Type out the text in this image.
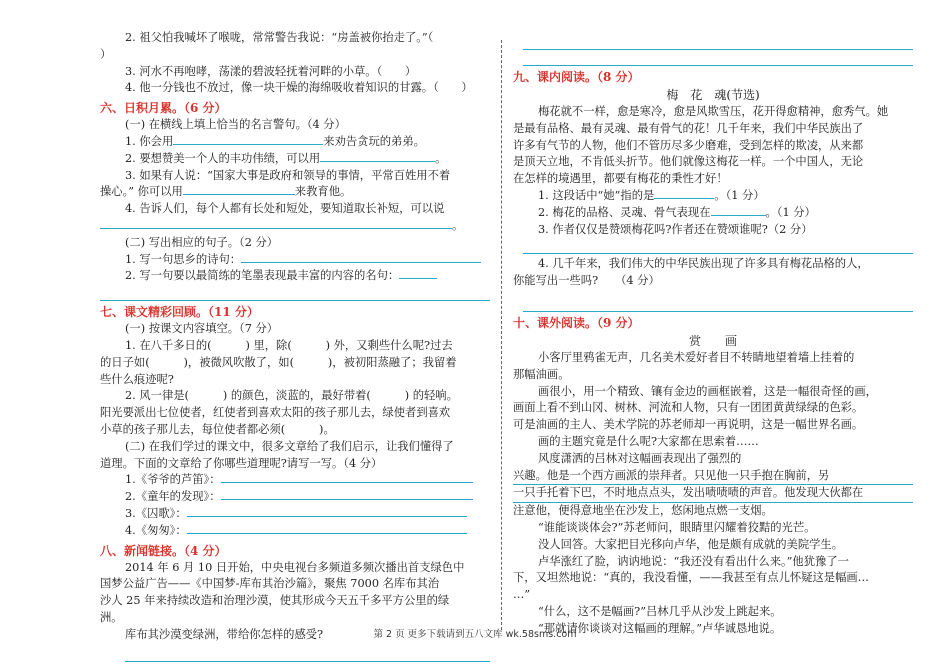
2. 祖父怕我喊坏了喉咙，常常警告我说：“房盖被你抬走了。”（
）
3. 河水不再咆哮，荡漾的碧波轻抚着河畔的小草。（　　）
4. 他一分钱也不放过，像一块干燥的海绵吸收着知识的甘露。（　　）
六、日积月累。（6 分）
(一) 在横线上填上恰当的名言警句。（4 分）
1. 你会用	来劝告贪玩的弟弟。
2. 要想赞美一个人的丰功伟绩，可以用	。
3. 如果有人说：“国家大事是政府和领导的事情，平常百姓用不着
操心。” 你可以用	来教育他。
4. 告诉人们，每个人都有长处和短处，要知道取长补短，可以说
。
(二) 写出相应的句子。（2 分）
1. 写一句思乡的诗句：
2. 写一句要以最简练的笔墨表现最丰富的内容的名句：
七、课文精彩回顾。（11 分）
(一) 按课文内容填空。（7 分）
1. 在八千多日的(　　　) 里，除(　　　) 外，又剩些什么呢?过去
的日子如(　　　)，被微风吹散了，如(　　　)，被初阳蒸融了；我留着
些什么痕迹呢?
2. 风一律是(　　　) 的颜色，淡蓝的，最好带着(　　　) 的轻响。
阳光要派出七位使者，红使者到喜欢太阳的孩子那儿去，绿使者到喜欢
小草的孩子那儿去，每位使者都必须(　　　)。
(二) 在我们学过的课文中，很多文章给了我们启示，让我们懂得了
道理。下面的文章给了你哪些道理呢?请写一写。（4 分）
1.《爷爷的芦笛》：
2.《童年的发现》：
3.《囚歌》：
4.《匆匆》：
八、新闻链接。（4 分）
2014 年 6 月 10 日开始，中央电视台多频道多频次播出首支绿色中
国梦公益广告——《中国梦-库布其治沙篇》，聚焦 7000 名库布其治
沙人 25 年来持续改造和治理沙漠，使其形成今天五千多平方公里的绿
洲。
库布其沙漠变绿洲，带给你怎样的感受?
九、课内阅读。（8 分）
梅　花　魂(节选)
梅花就不一样，愈是寒冷，愈是风欺雪压，花开得愈精神，愈秀气。她
是最有品格、最有灵魂、最有骨气的花！几千年来，我们中华民族出了
许多有气节的人物，他们不管历尽多少磨难，受到怎样的欺凌，从来都
是顶天立地，不肯低头折节。他们就像这梅花一样。一个中国人，无论
在怎样的境遇里，都要有梅花的秉性才好！
1. 这段话中“她”指的是	。（1 分）
2. 梅花的品格、灵魂、骨气表现在	。（1 分）
3. 作者仅仅是赞颂梅花吗?作者还在赞颂谁呢?（2 分）
4. 几千年来，我们伟大的中华民族出现了许多具有梅花品格的人，
你能写出一些吗?　　（4 分）
十、课外阅读。（9 分）
赏　　画
小客厅里鸦雀无声，几名美术爱好者目不转睛地望着墙上挂着的
那幅油画。
画很小，用一个精致、镶有金边的画框嵌着，这是一幅很奇怪的画，
画面上看不到山冈、树林、河流和人物，只有一团团黄黄绿绿的色彩。
可是油画的主人、美术学院的苏老师却一再说明，这是一幅世界名画。
画的主题究竟是什么呢?大家都在思索着……
风度潇洒的吕林对这幅画表现出了强烈的
兴趣。他是一个西方画派的崇拜者。只见他一只手抱在胸前，另
一只手托着下巴，不时地点点头，发出啧啧啧的声音。他发现大伙都在
注意他，便得意地坐在沙发上，悠闲地点燃一支烟。
“谁能谈谈体会?”苏老师问，眼睛里闪耀着狡黠的光芒。
没人回答。大家把目光移向卢华，他是颇有成就的美院学生。
卢华涨红了脸，讷讷地说：“我还没有看出什么来。”他犹豫了一
下，又坦然地说：“真的，我没看懂，——我甚至有点儿怀疑这是幅画…
…”
“什么，这不是幅画?”吕林几乎从沙发上跳起来。
“那就请你谈谈对这幅画的理解。”卢华诚恳地说。
第 2 页 更多下载请到五八文库 wk.58sms.com
